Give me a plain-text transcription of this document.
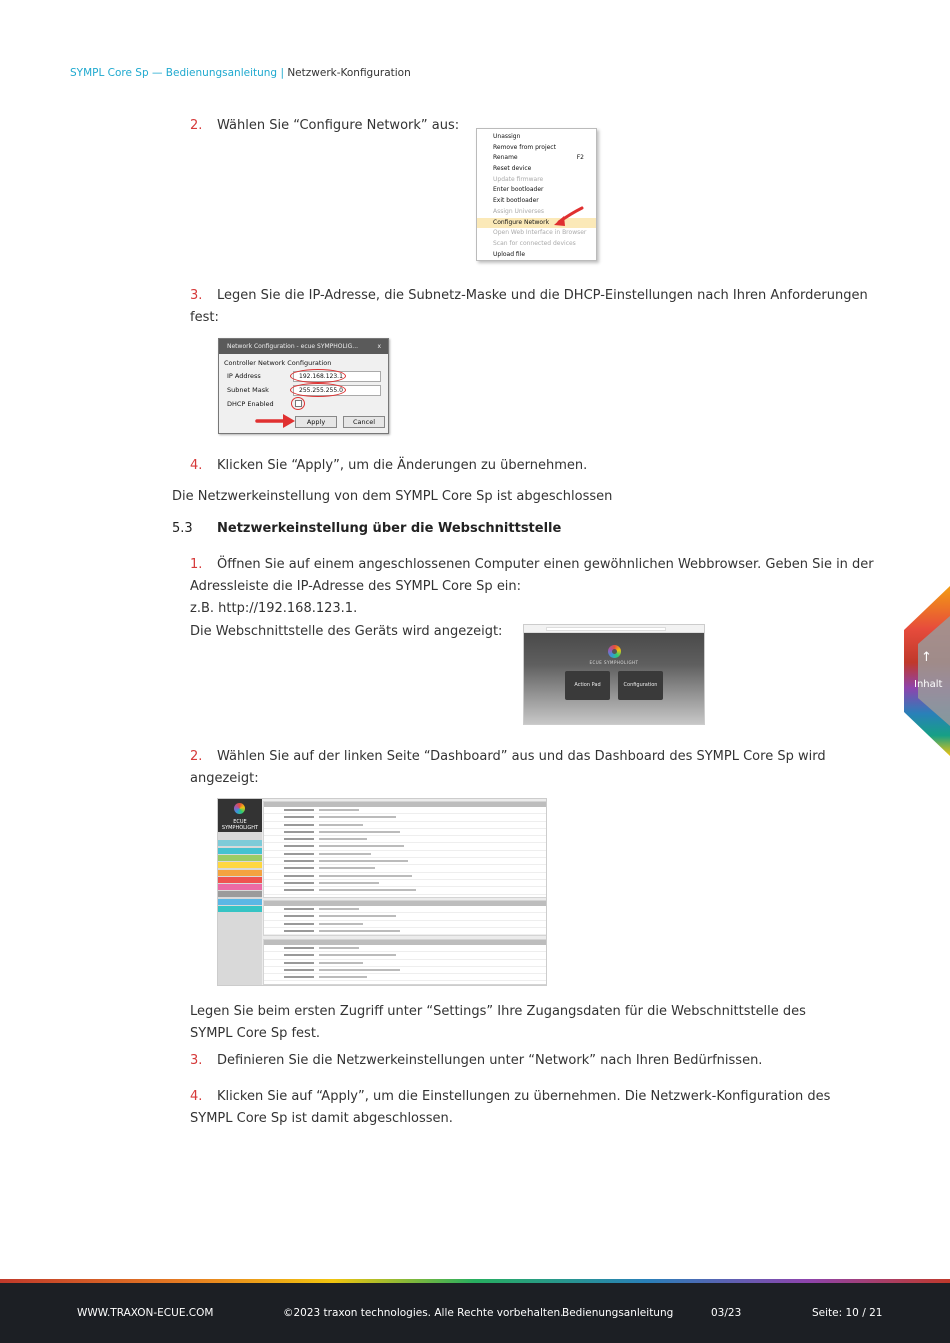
SYMPL Core Sp — Bedienungsanleitung | Netzwerk-Konfiguration
2. Wählen Sie “Configure Network” aus:
Unassign
Remove from project
Rename	F2
Reset device
Update firmware
Enter bootloader
Exit bootloader
Assign Universes
Configure Network
Open Web Interface in Browser
Scan for connected devices
Upload file
3. Legen Sie die IP-Adresse, die Subnetz-Maske und die DHCP-Einstellungen nach Ihren Anforderungen
fest:
Network Configuration - ecue SYMPHOLIG...	x
Controller Network Configuration
IP Address	192.168.123.1
Subnet Mask	255.255.255.0
DHCP Enabled
Apply	Cancel
4. Klicken Sie “Apply”, um die Änderungen zu übernehmen.
Die Netzwerkeinstellung von dem SYMPL Core Sp ist abgeschlossen
5.3 Netzwerkeinstellung über die Webschnittstelle
1. Öffnen Sie auf einem angeschlossenen Computer einen gewöhnlichen Webbrowser. Geben Sie in der
Adressleiste die IP-Adresse des SYMPL Core Sp ein:
z.B. http://192.168.123.1.
Die Webschnittstelle des Geräts wird angezeigt:
ECUE SYMPHOLIGHT
Action Pad	Configuration
2. Wählen Sie auf der linken Seite “Dashboard” aus und das Dashboard des SYMPL Core Sp wird
angezeigt:
ECUE SYMPHOLIGHT
Legen Sie beim ersten Zugriff unter “Settings” Ihre Zugangsdaten für die Webschnittstelle des
SYMPL Core Sp fest.
3. Definieren Sie die Netzwerkeinstellungen unter “Network” nach Ihren Bedürfnissen.
4. Klicken Sie auf “Apply”, um die Einstellungen zu übernehmen. Die Netzwerk-Konfiguration des
SYMPL Core Sp ist damit abgeschlossen.
↑
Inhalt
WWW.TRAXON-ECUE.COM	©2023 traxon technologies. Alle Rechte vorbehalten.
Bedienungsanleitung	03/23	Seite: 10 / 21
